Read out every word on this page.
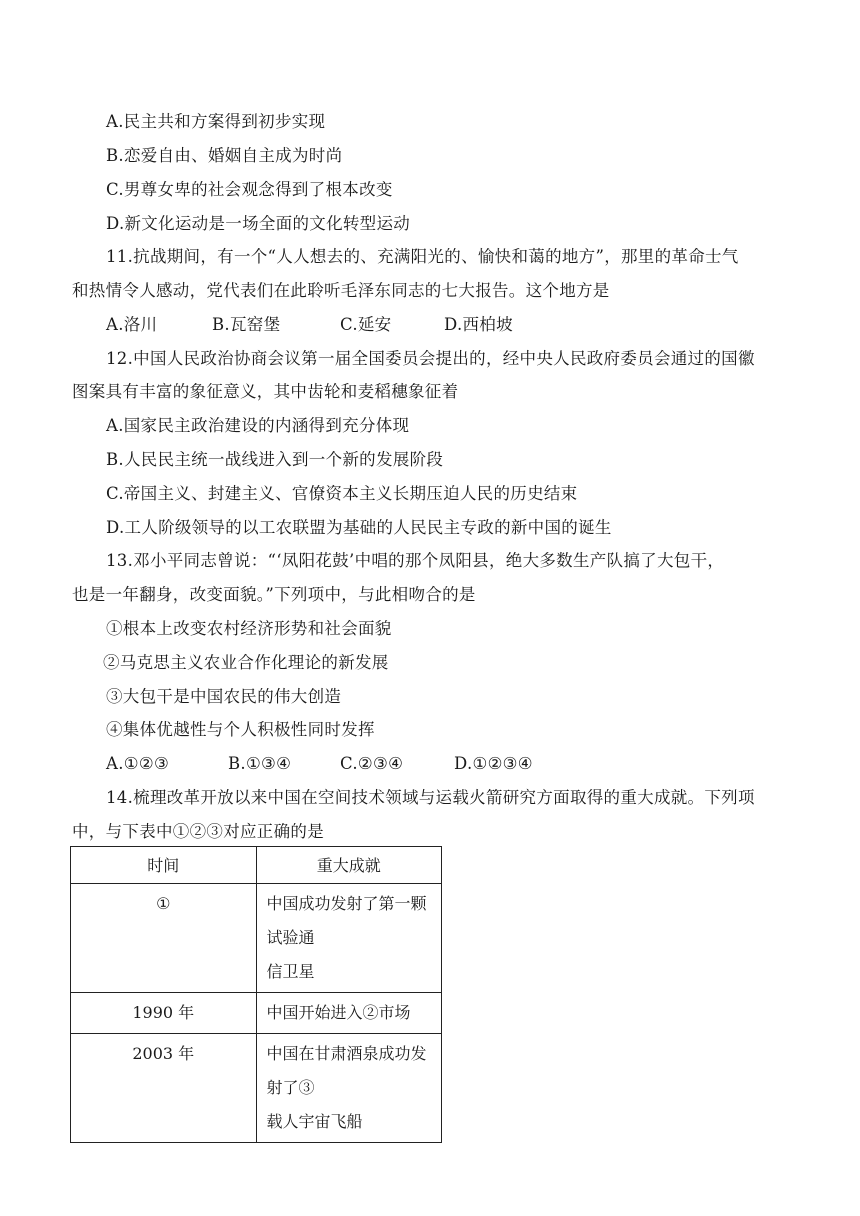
A.民主共和方案得到初步实现
B.恋爱自由、婚姻自主成为时尚
C.男尊女卑的社会观念得到了根本改变
D.新文化运动是一场全面的文化转型运动
11.抗战期间，有一个“人人想去的、充满阳光的、愉快和蔼的地方”，那里的革命士气
和热情令人感动，党代表们在此聆听毛泽东同志的七大报告。这个地方是
A.洛川	B.瓦窑堡	C.延安	D.西柏坡
12.中国人民政治协商会议第一届全国委员会提出的，经中央人民政府委员会通过的国徽
图案具有丰富的象征意义，其中齿轮和麦稻穗象征着
A.国家民主政治建设的内涵得到充分体现
B.人民民主统一战线进入到一个新的发展阶段
C.帝国主义、封建主义、官僚资本主义长期压迫人民的历史结束
D.工人阶级领导的以工农联盟为基础的人民民主专政的新中国的诞生
13.邓小平同志曾说：“‘凤阳花鼓’中唱的那个凤阳县，绝大多数生产队搞了大包干，
也是一年翻身，改变面貌。”下列项中，与此相吻合的是
①根本上改变农村经济形势和社会面貌
②马克思主义农业合作化理论的新发展
③大包干是中国农民的伟大创造
④集体优越性与个人积极性同时发挥
A.①②③	B.①③④	C.②③④	D.①②③④
14.梳理改革开放以来中国在空间技术领域与运载火箭研究方面取得的重大成就。下列项
中，与下表中①②③对应正确的是
时间	重大成就
①	中国成功发射了第一颗试验通
信卫星

1990 年	中国开始进入②市场

2003 年	中国在甘肃酒泉成功发射了③
载人宇宙飞船
